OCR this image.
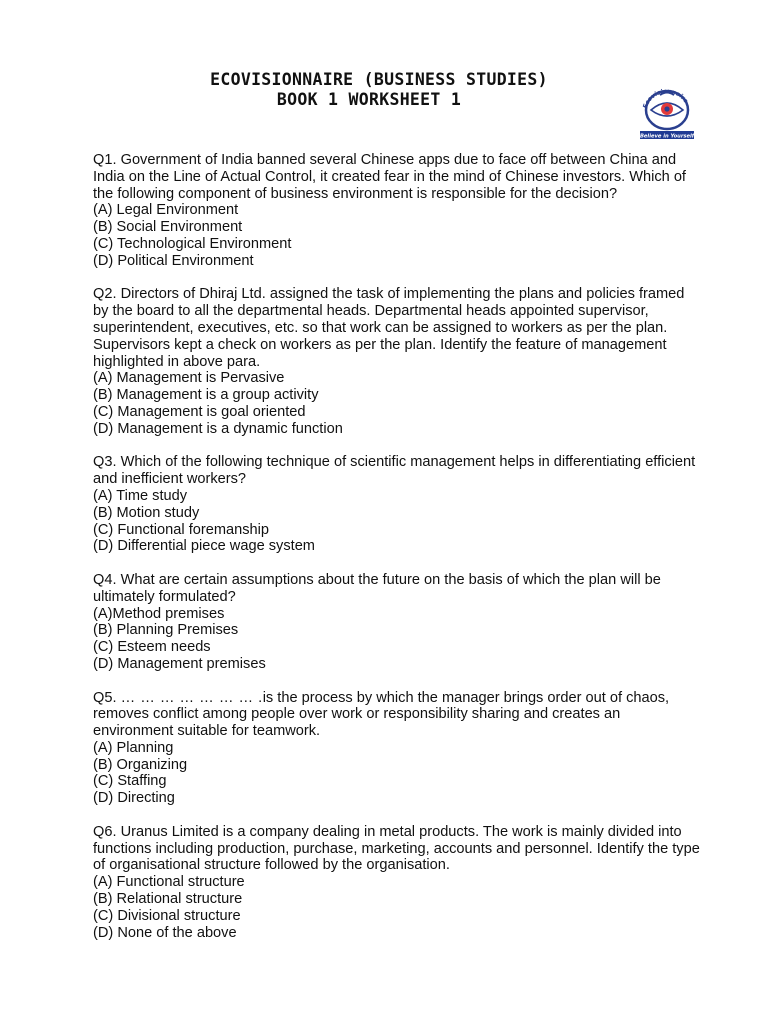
ECOVISIONNAIRE (BUSINESS STUDIES)
BOOK 1 WORKSHEET 1	Ecovisionnaire
Believe in Yourself

Q1. Government of India banned several Chinese apps due to face off between China and India on the Line of Actual Control, it created fear in the mind of Chinese investors. Which of the following component of business environment is responsible for the decision?

(A) Legal Environment
(B) Social Environment
(C) Technological Environment
(D) Political Environment

Q2. Directors of Dhiraj Ltd. assigned the task of implementing the plans and policies framed by the board to all the departmental heads. Departmental heads appointed supervisor, superintendent, executives, etc. so that work can be assigned to workers as per the plan. Supervisors kept a check on workers as per the plan. Identify the feature of management highlighted in above para.

(A) Management is Pervasive
(B) Management is a group activity
(C) Management is goal oriented
(D) Management is a dynamic function

Q3. Which of the following technique of scientific management helps in differentiating efficient and inefficient workers?

(A) Time study
(B) Motion study
(C) Functional foremanship
(D) Differential piece wage system

Q4. What are certain assumptions about the future on the basis of which the plan will be ultimately formulated?

(A)Method premises
(B) Planning Premises
(C) Esteem needs
(D) Management premises

Q5. … … … … … … … .is the process by which the manager brings order out of chaos, removes conflict among people over work or responsibility sharing and creates an environment suitable for teamwork.

(A) Planning
(B) Organizing
(C) Staffing
(D) Directing

Q6. Uranus Limited is a company dealing in metal products. The work is mainly divided into functions including production, purchase, marketing, accounts and personnel. Identify the type of organisational structure followed by the organisation.

(A) Functional structure
(B) Relational structure
(C) Divisional structure
(D) None of the above
